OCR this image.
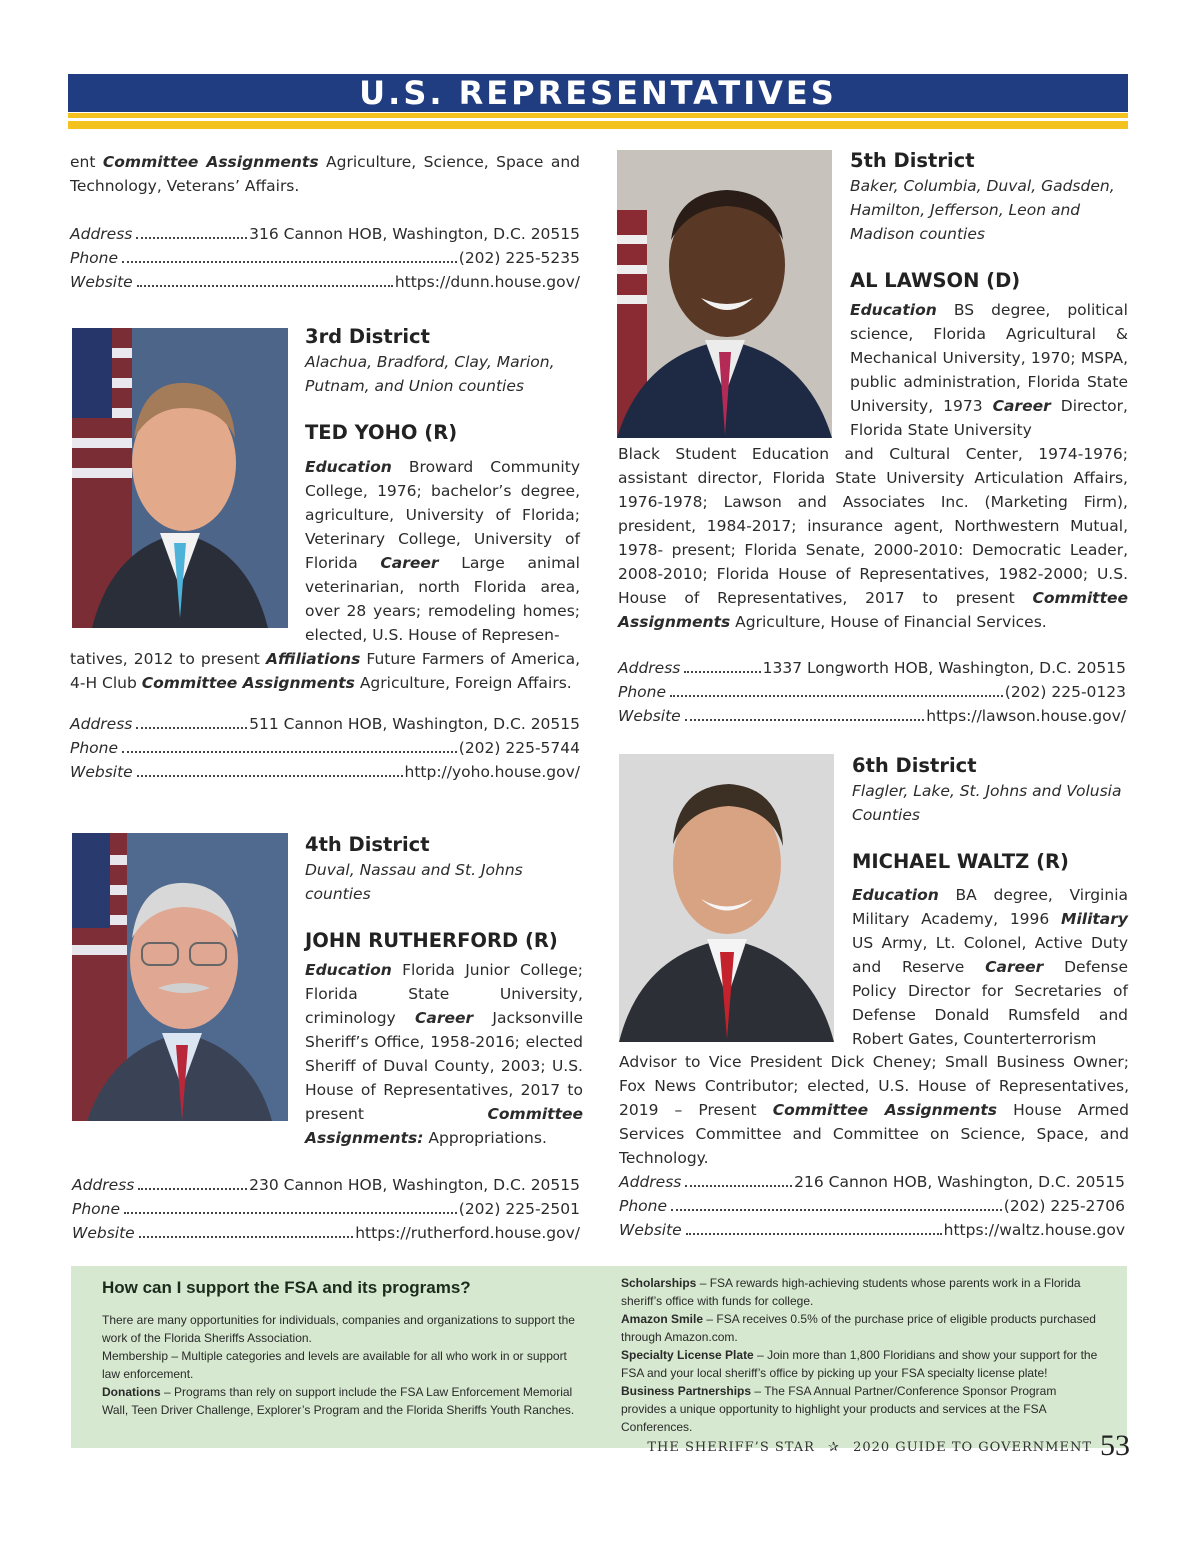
U.S. REPRESENTATIVES
ent Committee Assignments Agriculture, Science, Space and Technology, Veterans’ Affairs.
Address	316 Cannon HOB, Washington, D.C. 20515
Phone	(202) 225-5235
Website	https://dunn.house.gov/
3rd District
Alachua, Bradford, Clay, Marion, Putnam, and Union counties
TED YOHO (R)
Education Broward Community College, 1976; bachelor’s degree, agriculture, University of Florida; Veterinary College, University of Florida Career Large animal veterinarian, north Florida area, over 28 years; remodeling homes; elected, U.S. House of Represen-
tatives, 2012 to present Affiliations Future Farmers of America, 4-H Club Committee Assignments Agriculture, Foreign Affairs.
Address	511 Cannon HOB, Washington, D.C. 20515
Phone	(202) 225-5744
Website	http://yoho.house.gov/
4th District
Duval, Nassau and St. Johns counties
JOHN RUTHERFORD (R)
Education Florida Junior College; Florida State University, criminology Career Jacksonville Sheriff’s Office, 1958-2016; elected Sheriff of Duval County, 2003; U.S. House of Representatives, 2017 to present	Committee Assignments: Appropriations.
Address	230 Cannon HOB, Washington, D.C. 20515
Phone	(202) 225-2501
Website	https://rutherford.house.gov/
5th District
Baker, Columbia, Duval, Gadsden, Hamilton, Jefferson, Leon and Madison counties
AL LAWSON (D)
Education BS degree, political science, Florida Agricultural & Mechanical University, 1970; MSPA, public administration, Florida State University, 1973 Career Director, Florida State University
Black Student Education and Cultural Center, 1974-1976; assistant director, Florida State University Articulation Affairs, 1976-1978; Lawson and Associates Inc. (Marketing Firm), president, 1984-2017; insurance agent, Northwestern Mutual, 1978- present; Florida Senate, 2000-2010: Democratic Leader, 2008-2010; Florida House of Representatives, 1982-2000; U.S. House of Representatives, 2017 to present Committee Assignments Agriculture, House of Financial Services.
Address	1337 Longworth HOB, Washington, D.C. 20515
Phone	(202) 225-0123
Website	https://lawson.house.gov/
6th District
Flagler, Lake, St. Johns and Volusia Counties
MICHAEL WALTZ (R)
Education BA degree, Virginia Military Academy, 1996 Military US Army, Lt. Colonel, Active Duty and Reserve Career Defense Policy Director for Secretaries of Defense Donald Rumsfeld and Robert Gates, Counterterrorism
Advisor to Vice President Dick Cheney; Small Business Owner; Fox News Contributor; elected, U.S. House of Representatives, 2019 – Present Committee Assignments House Armed Services Committee and Committee on Science, Space, and Technology.
Address	216 Cannon HOB, Washington, D.C. 20515
Phone	(202) 225-2706
Website	https://waltz.house.gov
How can I support the FSA and its programs?
There are many opportunities for individuals, companies and organizations to support the work of the Florida Sheriffs Association.
Membership – Multiple categories and levels are available for all who work in or support law enforcement.
Donations – Programs than rely on support include the FSA Law Enforcement Memorial Wall, Teen Driver Challenge, Explorer’s Program and the Florida Sheriffs Youth Ranches.
Scholarships – FSA rewards high-achieving students whose parents work in a Florida sheriff’s office with funds for college.
Amazon Smile – FSA receives 0.5% of the purchase price of eligible products purchased through Amazon.com.
Specialty License Plate – Join more than 1,800 Floridians and show your support for the FSA and your local sheriff’s office by picking up your FSA specialty license plate!
Business Partnerships – The FSA Annual Partner/Conference Sponsor Program provides a unique opportunity to highlight your products and services at the FSA Conferences.
THE SHERIFF’S STAR ✰ 2020 GUIDE TO GOVERNMENT 53
